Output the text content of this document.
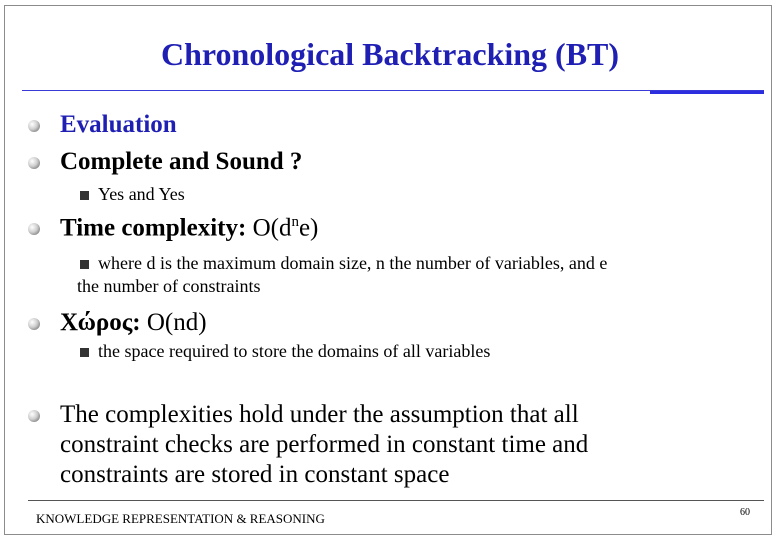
Chronological Backtracking (BT)
Evaluation
Complete and Sound ?
Yes and Yes
Time complexity: $O(d^ne)$
where d is the maximum domain size, n the number of variables, and e
the number of constraints
Χώρος: O(nd)
the space required to store the domains of all variables
The complexities hold under the assumption that all
constraint checks are performed in constant time and
constraints are stored in constant space
KNOWLEDGE REPRESENTATION & REASONING	60
